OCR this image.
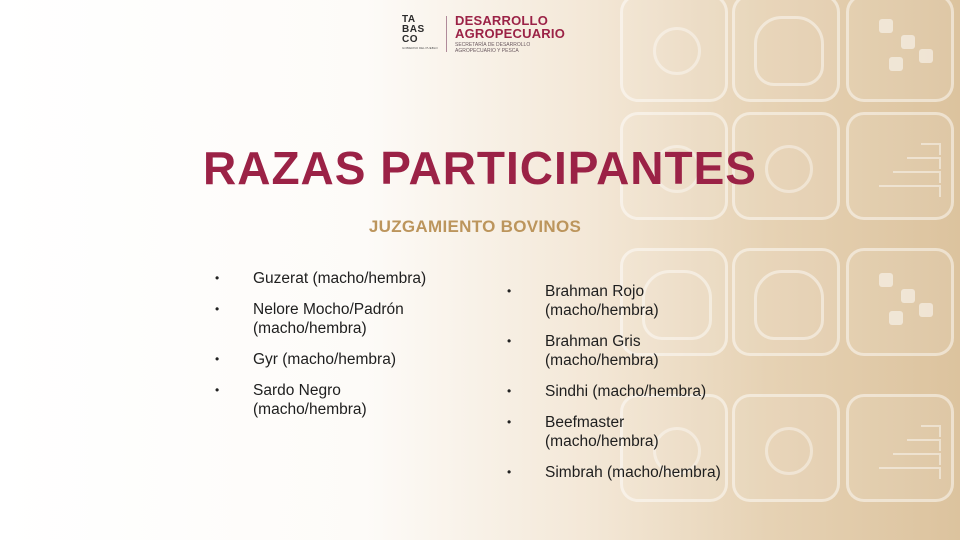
TA BAS CO
GOBIERNO DEL PUEBLO
DESARROLLO
AGROPECUARIO
SECRETARÍA DE DESARROLLO AGROPECUARIO Y PESCA
RAZAS PARTICIPANTES
JUZGAMIENTO BOVINOS
• Guzerat (macho/hembra)
• Nelore Mocho/Padrón
(macho/hembra)
• Gyr (macho/hembra)
• Sardo Negro
(macho/hembra)
• Brahman Rojo
(macho/hembra)
• Brahman Gris
(macho/hembra)
• Sindhi (macho/hembra)
• Beefmaster
(macho/hembra)
• Simbrah (macho/hembra)
